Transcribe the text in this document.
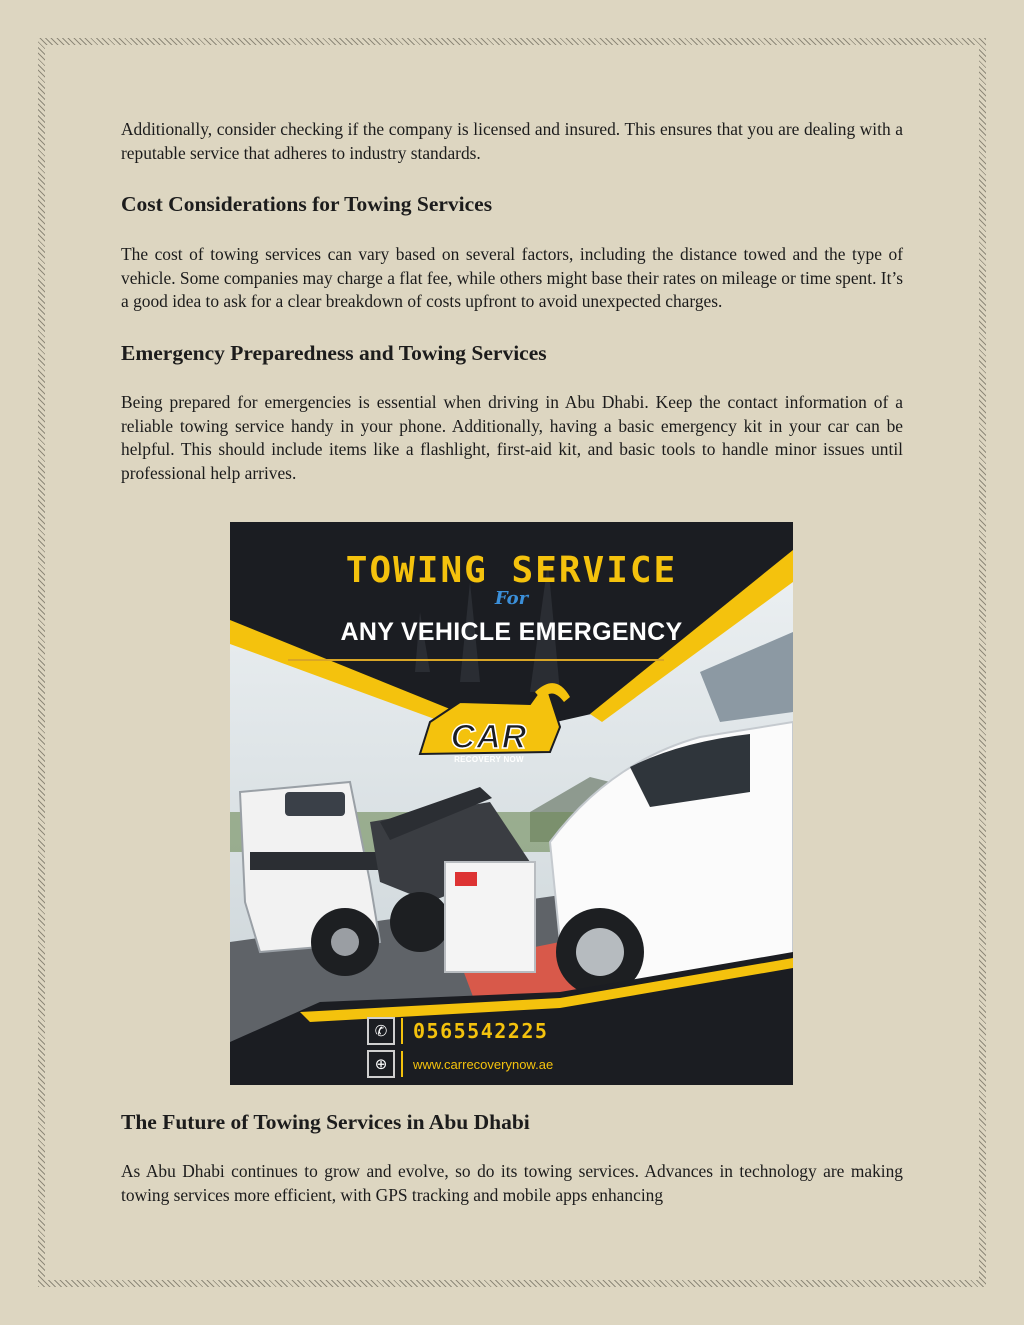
Additionally, consider checking if the company is licensed and insured. This ensures that you are dealing with a reputable service that adheres to industry standards.

Cost Considerations for Towing Services

The cost of towing services can vary based on several factors, including the distance towed and the type of vehicle. Some companies may charge a flat fee, while others might base their rates on mileage or time spent. It’s a good idea to ask for a clear breakdown of costs upfront to avoid unexpected charges.

Emergency Preparedness and Towing Services

Being prepared for emergencies is essential when driving in Abu Dhabi. Keep the contact information of a reliable towing service handy in your phone. Additionally, having a basic emergency kit in your car can be helpful. This should include items like a flashlight, first-aid kit, and basic tools to handle minor issues until professional help arrives.

The Future of Towing Services in Abu Dhabi

As Abu Dhabi continues to grow and evolve, so do its towing services. Advances in technology are making towing services more efficient, with GPS tracking and mobile apps enhancing

TOWING SERVICE
For
ANY VEHICLE EMERGENCY
CAR
RECOVERY NOW
✆	0565542225
⊕	www.carrecoverynow.ae
